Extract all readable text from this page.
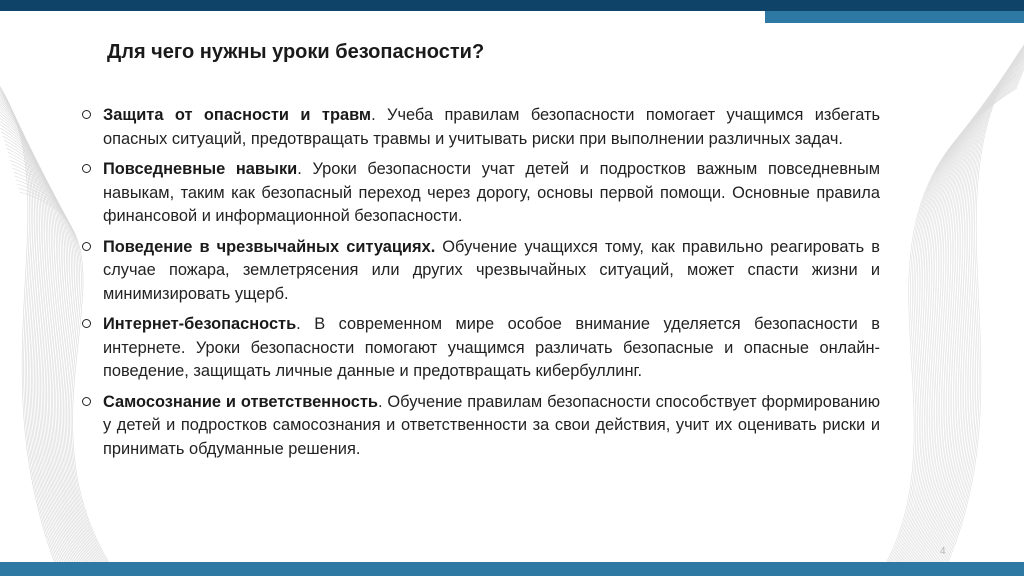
Для чего нужны уроки безопасности?
Защита от опасности и травм. Учеба правилам безопасности помогает учащимся избегать опасных ситуаций, предотвращать травмы и учитывать риски при выполнении различных задач.
Повседневные навыки. Уроки безопасности учат детей и подростков важным повседневным навыкам, таким как безопасный переход через дорогу, основы первой помощи. Основные правила финансовой и информационной безопасности.
Поведение в чрезвычайных ситуациях. Обучение учащихся тому, как правильно реагировать в случае пожара, землетрясения или других чрезвычайных ситуаций, может спасти жизни и минимизировать ущерб.
Интернет-безопасность. В современном мире особое внимание уделяется безопасности в интернете. Уроки безопасности помогают учащимся различать безопасные и опасные онлайн-поведение, защищать личные данные и предотвращать кибербуллинг.
Самосознание и ответственность. Обучение правилам безопасности способствует формированию у детей и подростков самосознания и ответственности за свои действия, учит их оценивать риски и принимать обдуманные решения.
4
